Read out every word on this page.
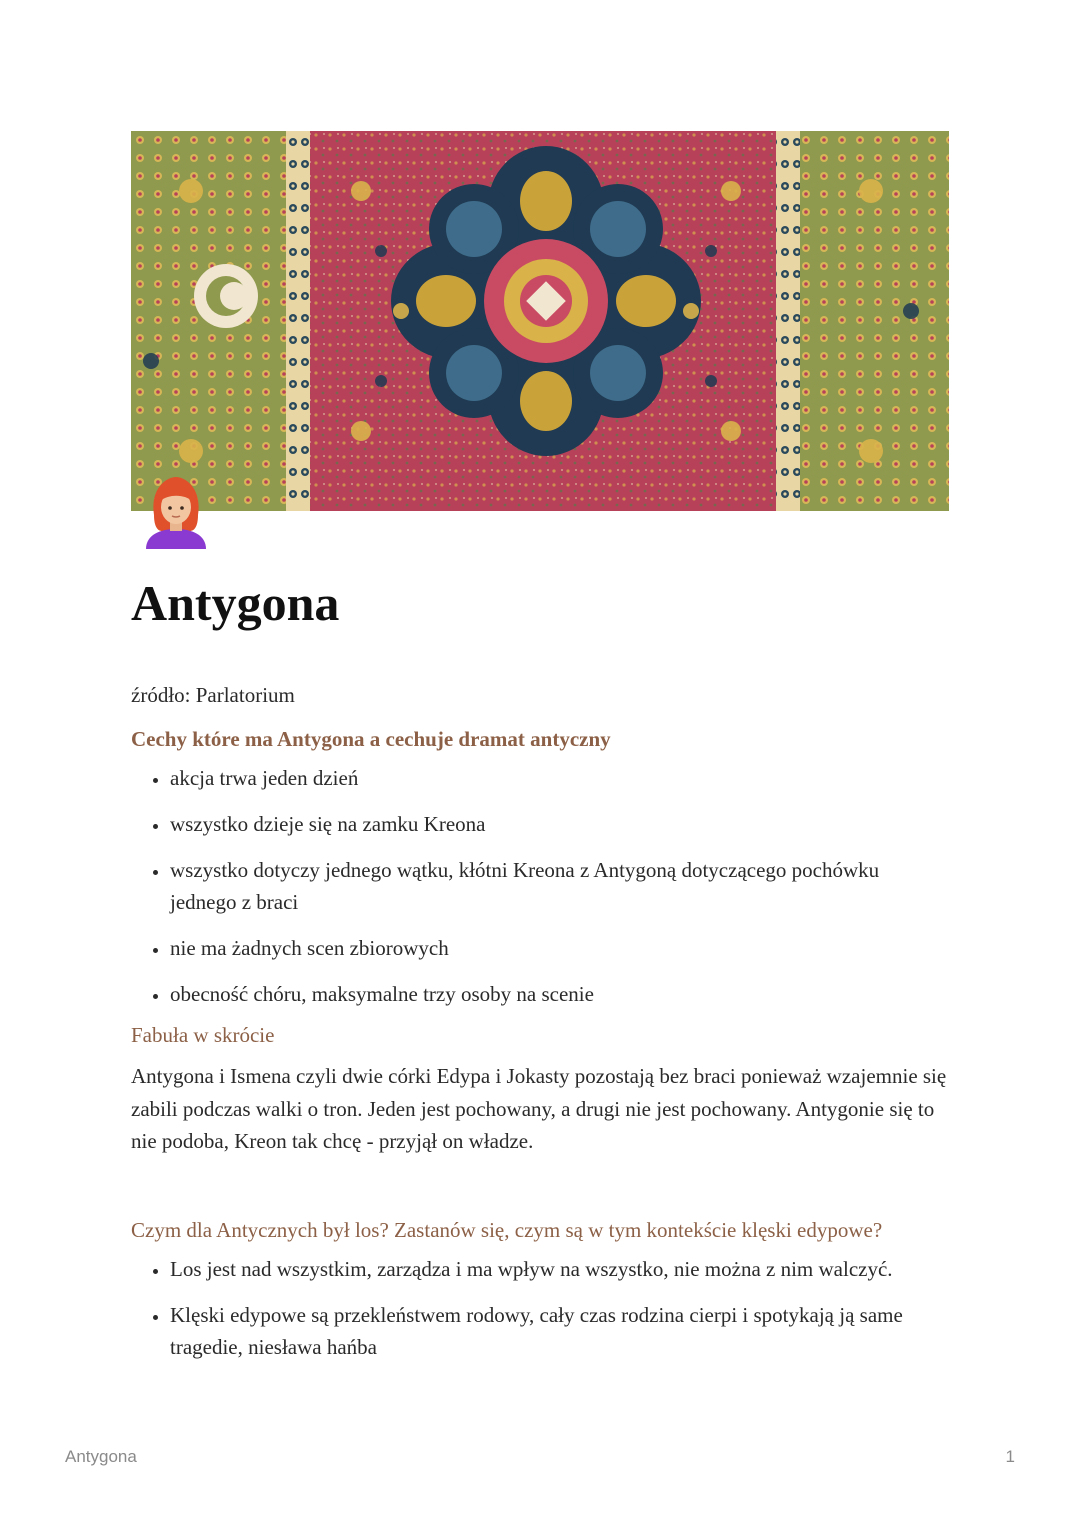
Antygona

źródło: Parlatorium

Cechy które ma Antygona a cechuje dramat antyczny
• akcja trwa jeden dzień
• wszystko dzieje się na zamku Kreona
• wszystko dotyczy jednego wątku, kłótni Kreona z Antygoną dotyczącego pochówku jednego z braci
• nie ma żadnych scen zbiorowych
• obecność chóru, maksymalne trzy osoby na scenie
Fabuła w skrócie

Antygona i Ismena czyli dwie córki Edypa i Jokasty pozostają bez braci ponieważ wzajemnie się zabili podczas walki o tron. Jeden jest pochowany, a drugi nie jest pochowany. Antygonie się to nie podoba, Kreon tak chcę - przyjął on władze.

Czym dla Antycznych był los? Zastanów się, czym są w tym kontekście klęski edypowe?
• Los jest nad wszystkim, zarządza i ma wpływ na wszystko, nie można z nim walczyć.
• Klęski edypowe są przekleństwem rodowy, cały czas rodzina cierpi i spotykają ją same tragedie, niesława hańba
Antygona	1
